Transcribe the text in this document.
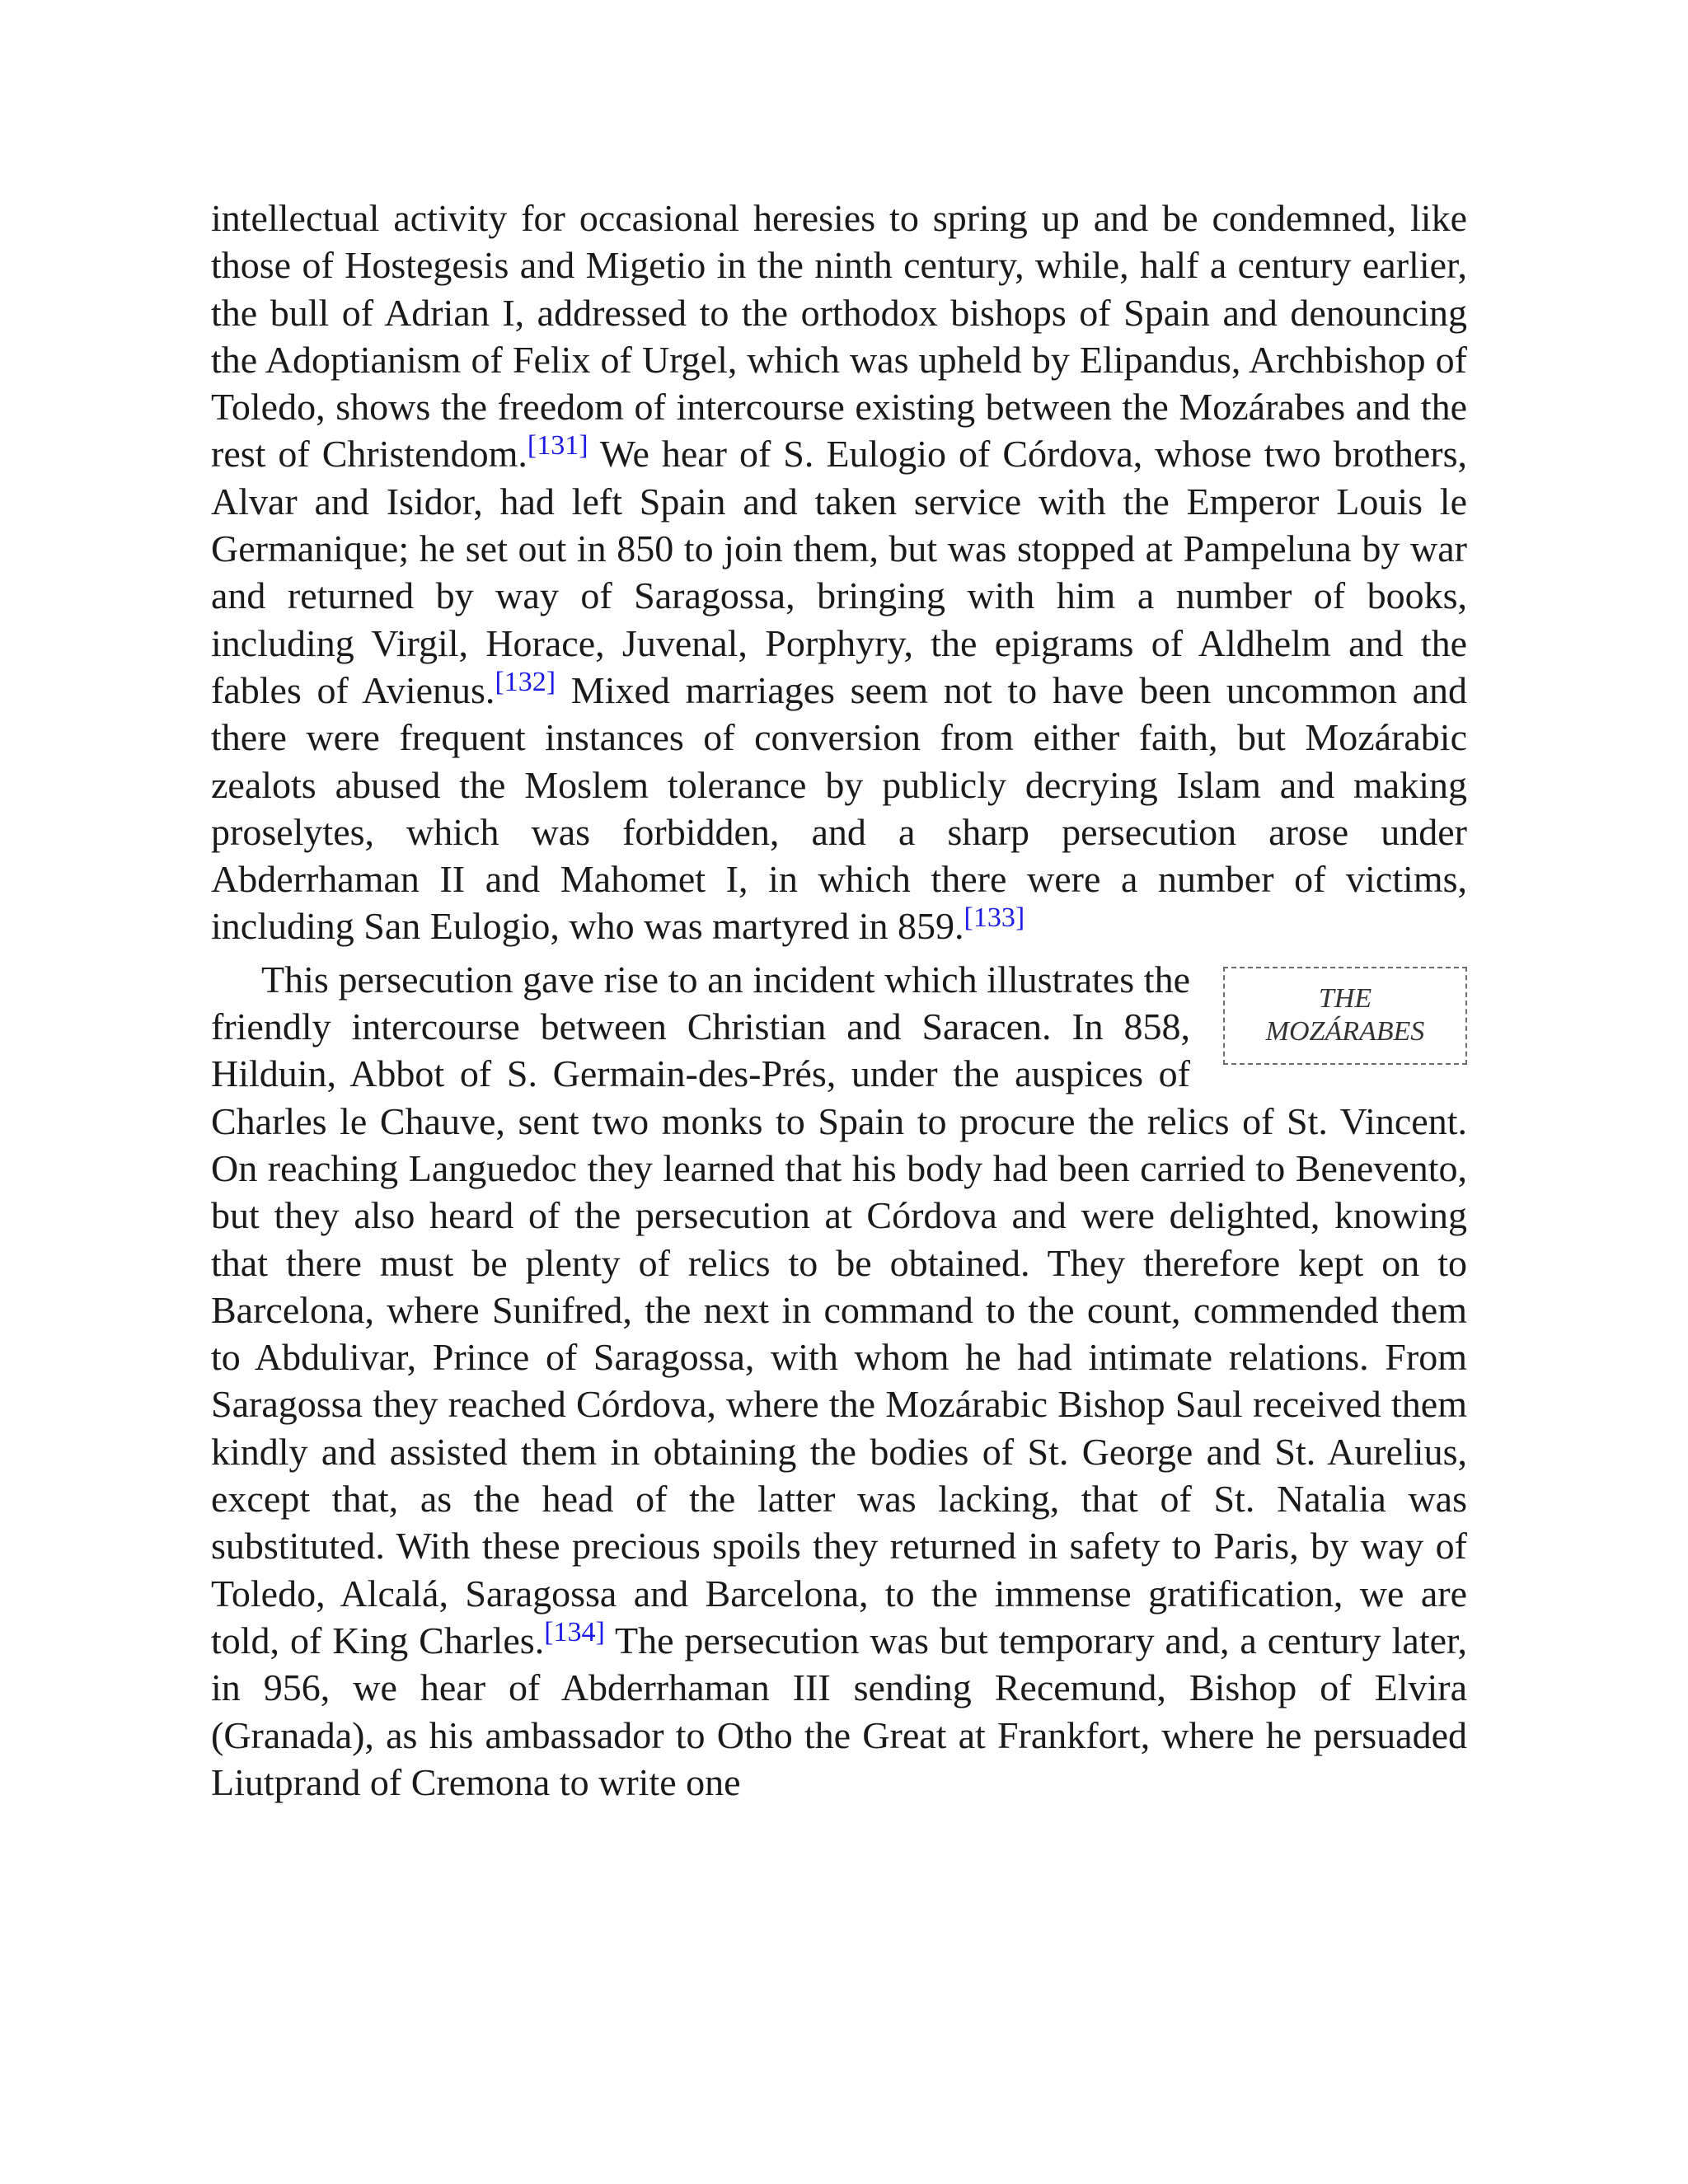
intellectual activity for occasional heresies to spring up and be condemned, like those of Hostegesis and Migetio in the ninth century, while, half a century earlier, the bull of Adrian I, addressed to the orthodox bishops of Spain and denouncing the Adoptianism of Felix of Urgel, which was upheld by Elipandus, Archbishop of Toledo, shows the freedom of intercourse existing between the Mozárabes and the rest of Christendom.[131] We hear of S. Eulogio of Córdova, whose two brothers, Alvar and Isidor, had left Spain and taken service with the Emperor Louis le Germanique; he set out in 850 to join them, but was stopped at Pampeluna by war and returned by way of Saragossa, bringing with him a number of books, including Virgil, Horace, Juvenal, Porphyry, the epigrams of Aldhelm and the fables of Avienus.[132] Mixed marriages seem not to have been uncommon and there were frequent instances of conversion from either faith, but Mozárabic zealots abused the Moslem tolerance by publicly decrying Islam and making proselytes, which was forbidden, and a sharp persecution arose under Abderrhaman II and Mahomet I, in which there were a number of victims, including San Eulogio, who was martyred in 859.[133]

THE
MOZÁRABES
This persecution gave rise to an incident which illustrates the friendly intercourse between Christian and Saracen. In 858, Hilduin, Abbot of S. Germain-des-Prés, under the auspices of Charles le Chauve, sent two monks to Spain to procure the relics of St. Vincent. On reaching Languedoc they learned that his body had been carried to Benevento, but they also heard of the persecution at Córdova and were delighted, knowing that there must be plenty of relics to be obtained. They therefore kept on to Barcelona, where Sunifred, the next in command to the count, commended them to Abdulivar, Prince of Saragossa, with whom he had intimate relations. From Saragossa they reached Córdova, where the Mozárabic Bishop Saul received them kindly and assisted them in obtaining the bodies of St. George and St. Aurelius, except that, as the head of the latter was lacking, that of St. Natalia was substituted. With these precious spoils they returned in safety to Paris, by way of Toledo, Alcalá, Saragossa and Barcelona, to the immense gratification, we are told, of King Charles.[134] The persecution was but temporary and, a century later, in 956, we hear of Abderrhaman III sending Recemund, Bishop of Elvira (Granada), as his ambassador to Otho the Great at Frankfort, where he persuaded Liutprand of Cremona to write one
